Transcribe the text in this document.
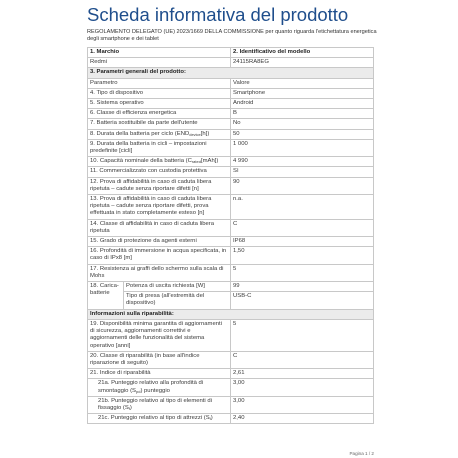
Scheda informativa del prodotto
REGOLAMENTO DELEGATO (UE) 2023/1669 DELLA COMMISSIONE per quanto riguarda l'etichettatura energetica degli smartphone e dei tablet
1. Marchio		2. Identificativo del modello
Redmi		24115RA8EG
3. Parametri generali del prodotto:		
Parametro		Valore
4. Tipo di dispositivo		Smartphone
5. Sistema operativo		Android
6. Classe di efficienza energetica		B
7. Batteria sostituibile da parte dell'utente		No
8. Durata della batteria per ciclo $(END_{device}[h])$		50
9. Durata della batteria in cicli – impostazioni predefinite [cicli]		1 000
10. Capacità nominale della batteria $(C_{rated}[mAh])$		4 990
11. Commercializzato con custodia protettiva		Sì
12. Prova di affidabilità in caso di caduta libera ripetuta – cadute senza riportare difetti [n]		90
13. Prova di affidabilità in caso di caduta libera ripetuta – cadute senza riportare difetti, prova effettuata in stato completamente esteso [n]		n.a.
14. Classe di affidabilità in caso di caduta libera ripetuta		C
15. Grado di protezione da agenti esterni		IP68
16. Profondità di immersione in acqua specificata, in caso di IPx8 [m]		1,50
17. Resistenza ai graffi dello schermo sulla scala di Mohs		5
18. Carica-batterie	Potenza di uscita richiesta [W]	99
	Tipo di presa (all'estremità del dispositivo)	USB-C
Informazioni sulla riparabilità:		
19. Disponibilità minima garantita di aggiornamenti di sicurezza, aggiornamenti correttivi e aggiornamenti delle funzionalità del sistema operativo [anni]		5
20. Classe di riparabilità (in base all'indice riparazione di seguito)		C
21. Indice di riparabilità		2,61
21a. Punteggio relativo alla profondità di smontaggio $(S_{pd})$ punteggio		3,00
21b. Punteggio relativo al tipo di elementi di fissaggio $(S_f)$		3,00
21c. Punteggio relativo al tipo di attrezzi $(S_t)$		2,40
Pagina 1 / 2
